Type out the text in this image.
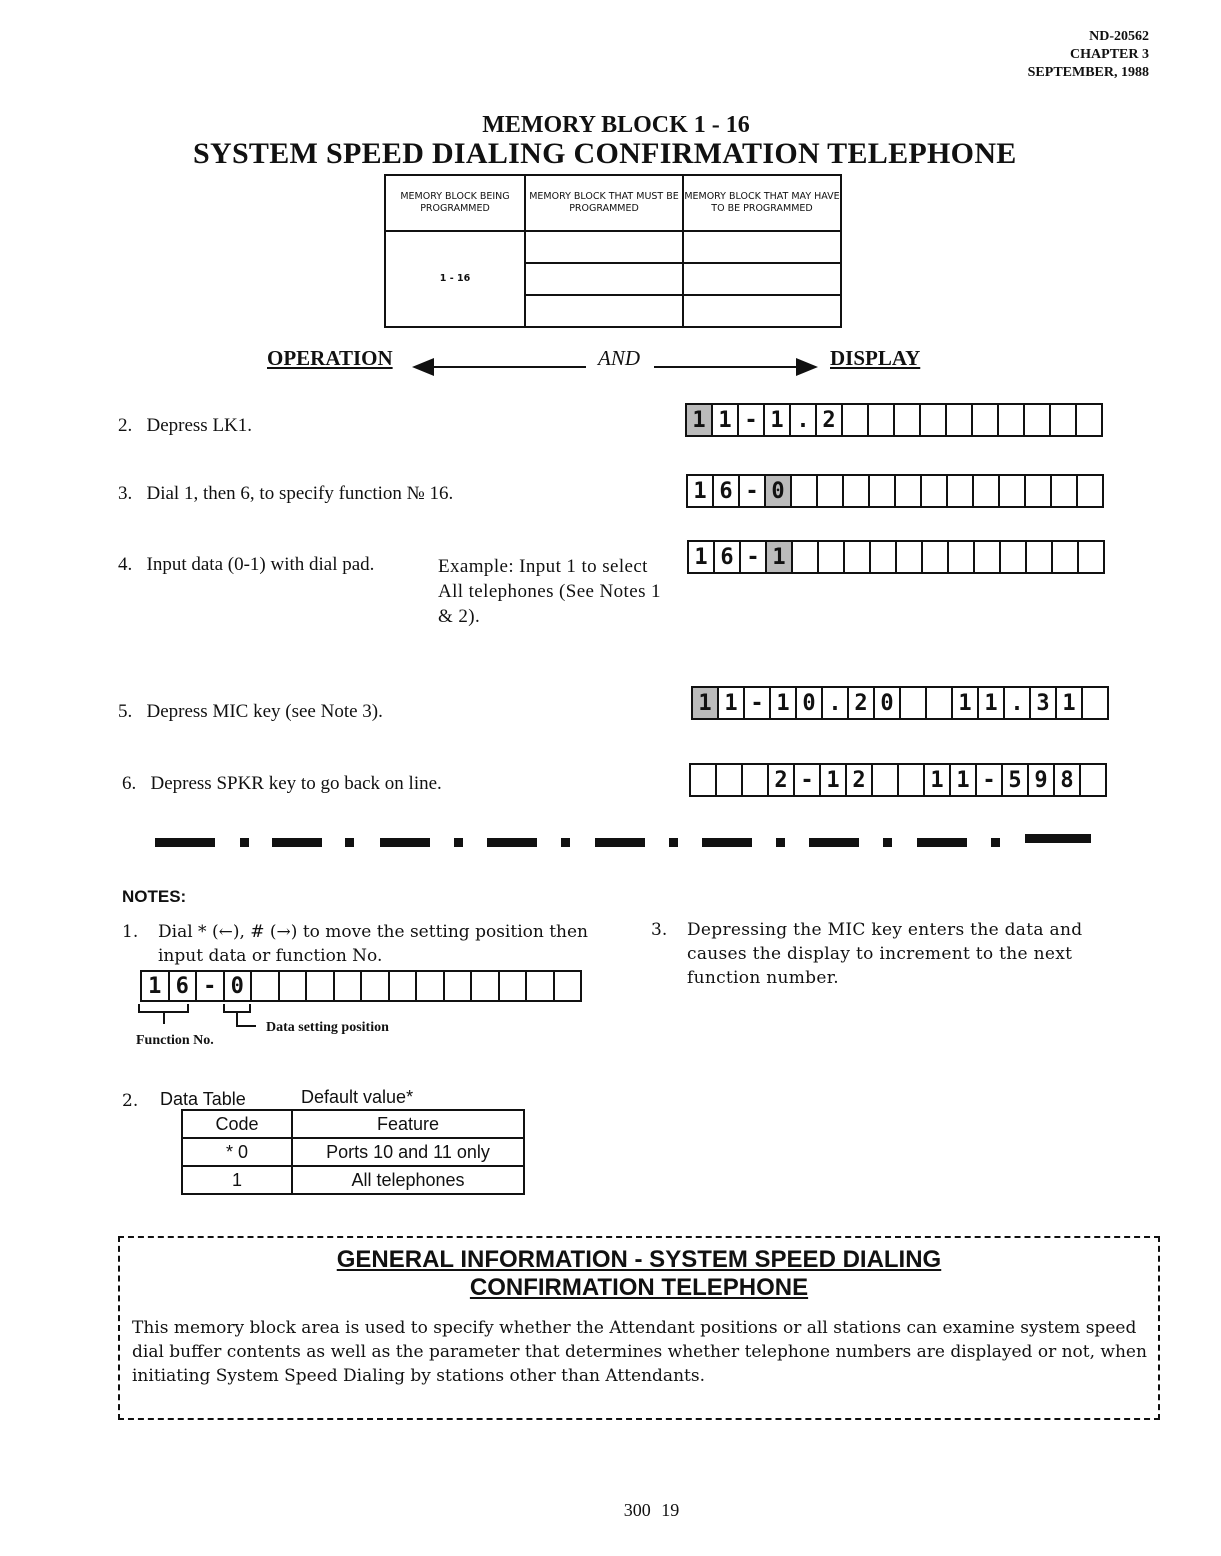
ND-20562
CHAPTER 3
SEPTEMBER, 1988
MEMORY BLOCK 1 - 16
SYSTEM SPEED DIALING CONFIRMATION TELEPHONE
MEMORY BLOCK BEING PROGRAMMED	MEMORY BLOCK THAT MUST BE PROGRAMMED	MEMORY BLOCK THAT MAY HAVE TO BE PROGRAMMED
1 - 16		

OPERATION	AND	DISPLAY
2. Depress LK1.	1 1 - 1 . 2
3. Dial 1, then 6, to specify function № 16.	1 6 - 0
4. Input data (0-1) with dial pad.	Example: Input 1 to select All telephones (See Notes 1 & 2).
1 6 - 1
5. Depress MIC key (see Note 3).	1 1 - 1 0 . 2 0	1 1 . 3 1
6. Depress SPKR key to go back on line.	2 - 1 2	1 1 - 5 9 8
NOTES:
1. Dial * (←), # (→) to move the setting position then input data or function No.
1 6 - 0
Function No.
Data setting position
2. Data Table	Default value*
Code	Feature
* 0	Ports 10 and 11 only
1	All telephones
3. Depressing the MIC key enters the data and causes the display to increment to the next function number.
GENERAL INFORMATION - SYSTEM SPEED DIALING
CONFIRMATION TELEPHONE
This memory block area is used to specify whether the Attendant positions or all stations can examine system speed dial buffer contents as well as the parameter that determines whether telephone numbers are displayed or not, when initiating System Speed Dialing by stations other than Attendants.
300 19
